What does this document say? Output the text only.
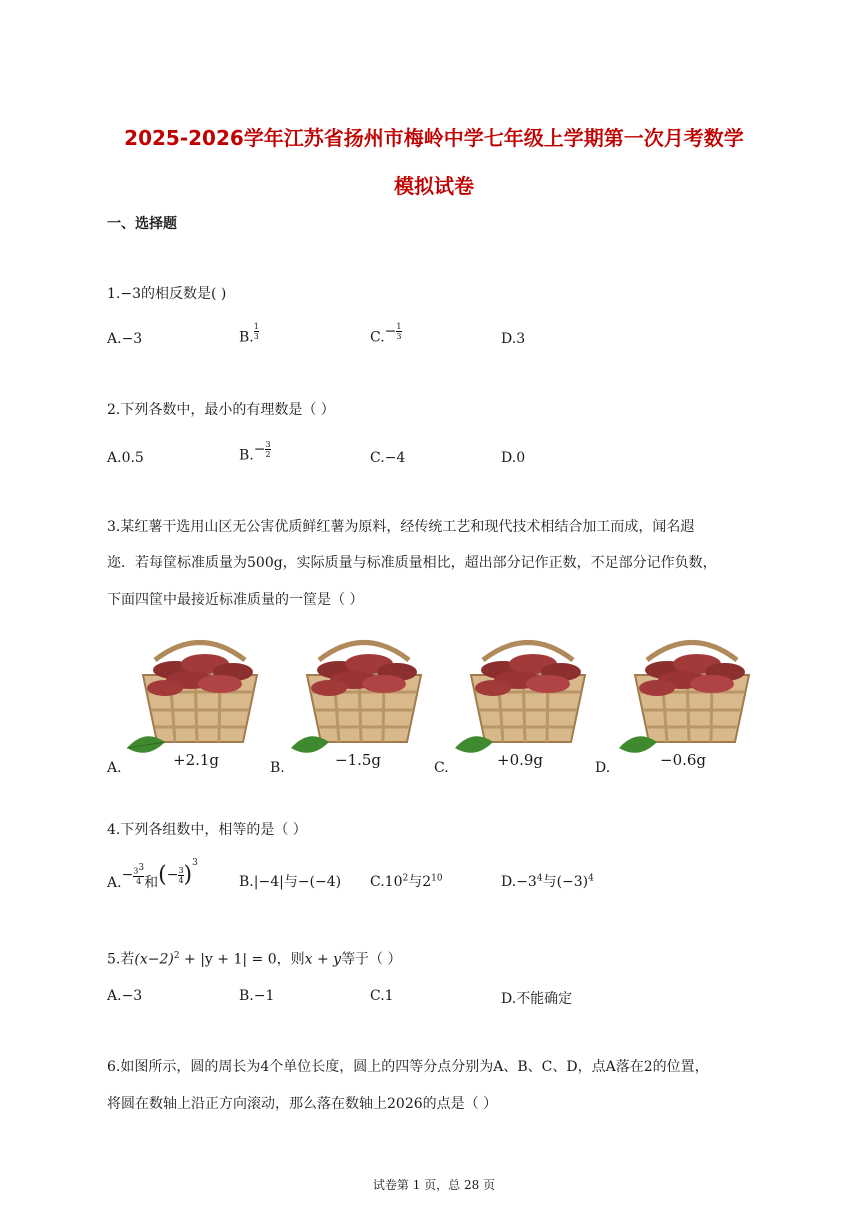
2025-2026学年江苏省扬州市梅岭中学七年级上学期第一次月考数学
模拟试卷
一、选择题
1.−3的相反数是( )
A.−3	B. $\frac{1}{3}$	$C.- \frac{1}{3}$	D.3
2.下列各数中，最小的有理数是（ ）
A.0.5	$B.- \frac{3}{2}$	C.−4	D.0
3.某红薯干选用山区无公害优质鲜红薯为原料，经传统工艺和现代技术相结合加工而成，闻名遐
迩．若每筐标准质量为500g，实际质量与标准质量相比，超出部分记作正数，不足部分记作负数，
下面四筐中最接近标准质量的一筐是（ ）
A.	+2.1g	B.	−1.5g	C.	+0.9g	D.	−0.6g
4.下列各组数中，相等的是（ ）
$A.- \frac{3^3}{4}$ 和(− $\frac{3}{4} )^3$
B.|−4|与−(−4) $C.10^2$与$2^{10}$	$D.-3^4$与$(-3)^4$
5.若$(x-2)^2 + |y + 1| = 0$，则x + y等于（ ）
A.−3	B.−1	C.1	D.不能确定
6.如图所示，圆的周长为4个单位长度，圆上的四等分点分别为A、B、C、D，点A落在2的位置，
将圆在数轴上沿正方向滚动，那么落在数轴上2026的点是（ ）
试卷第 1 页，总 28 页
